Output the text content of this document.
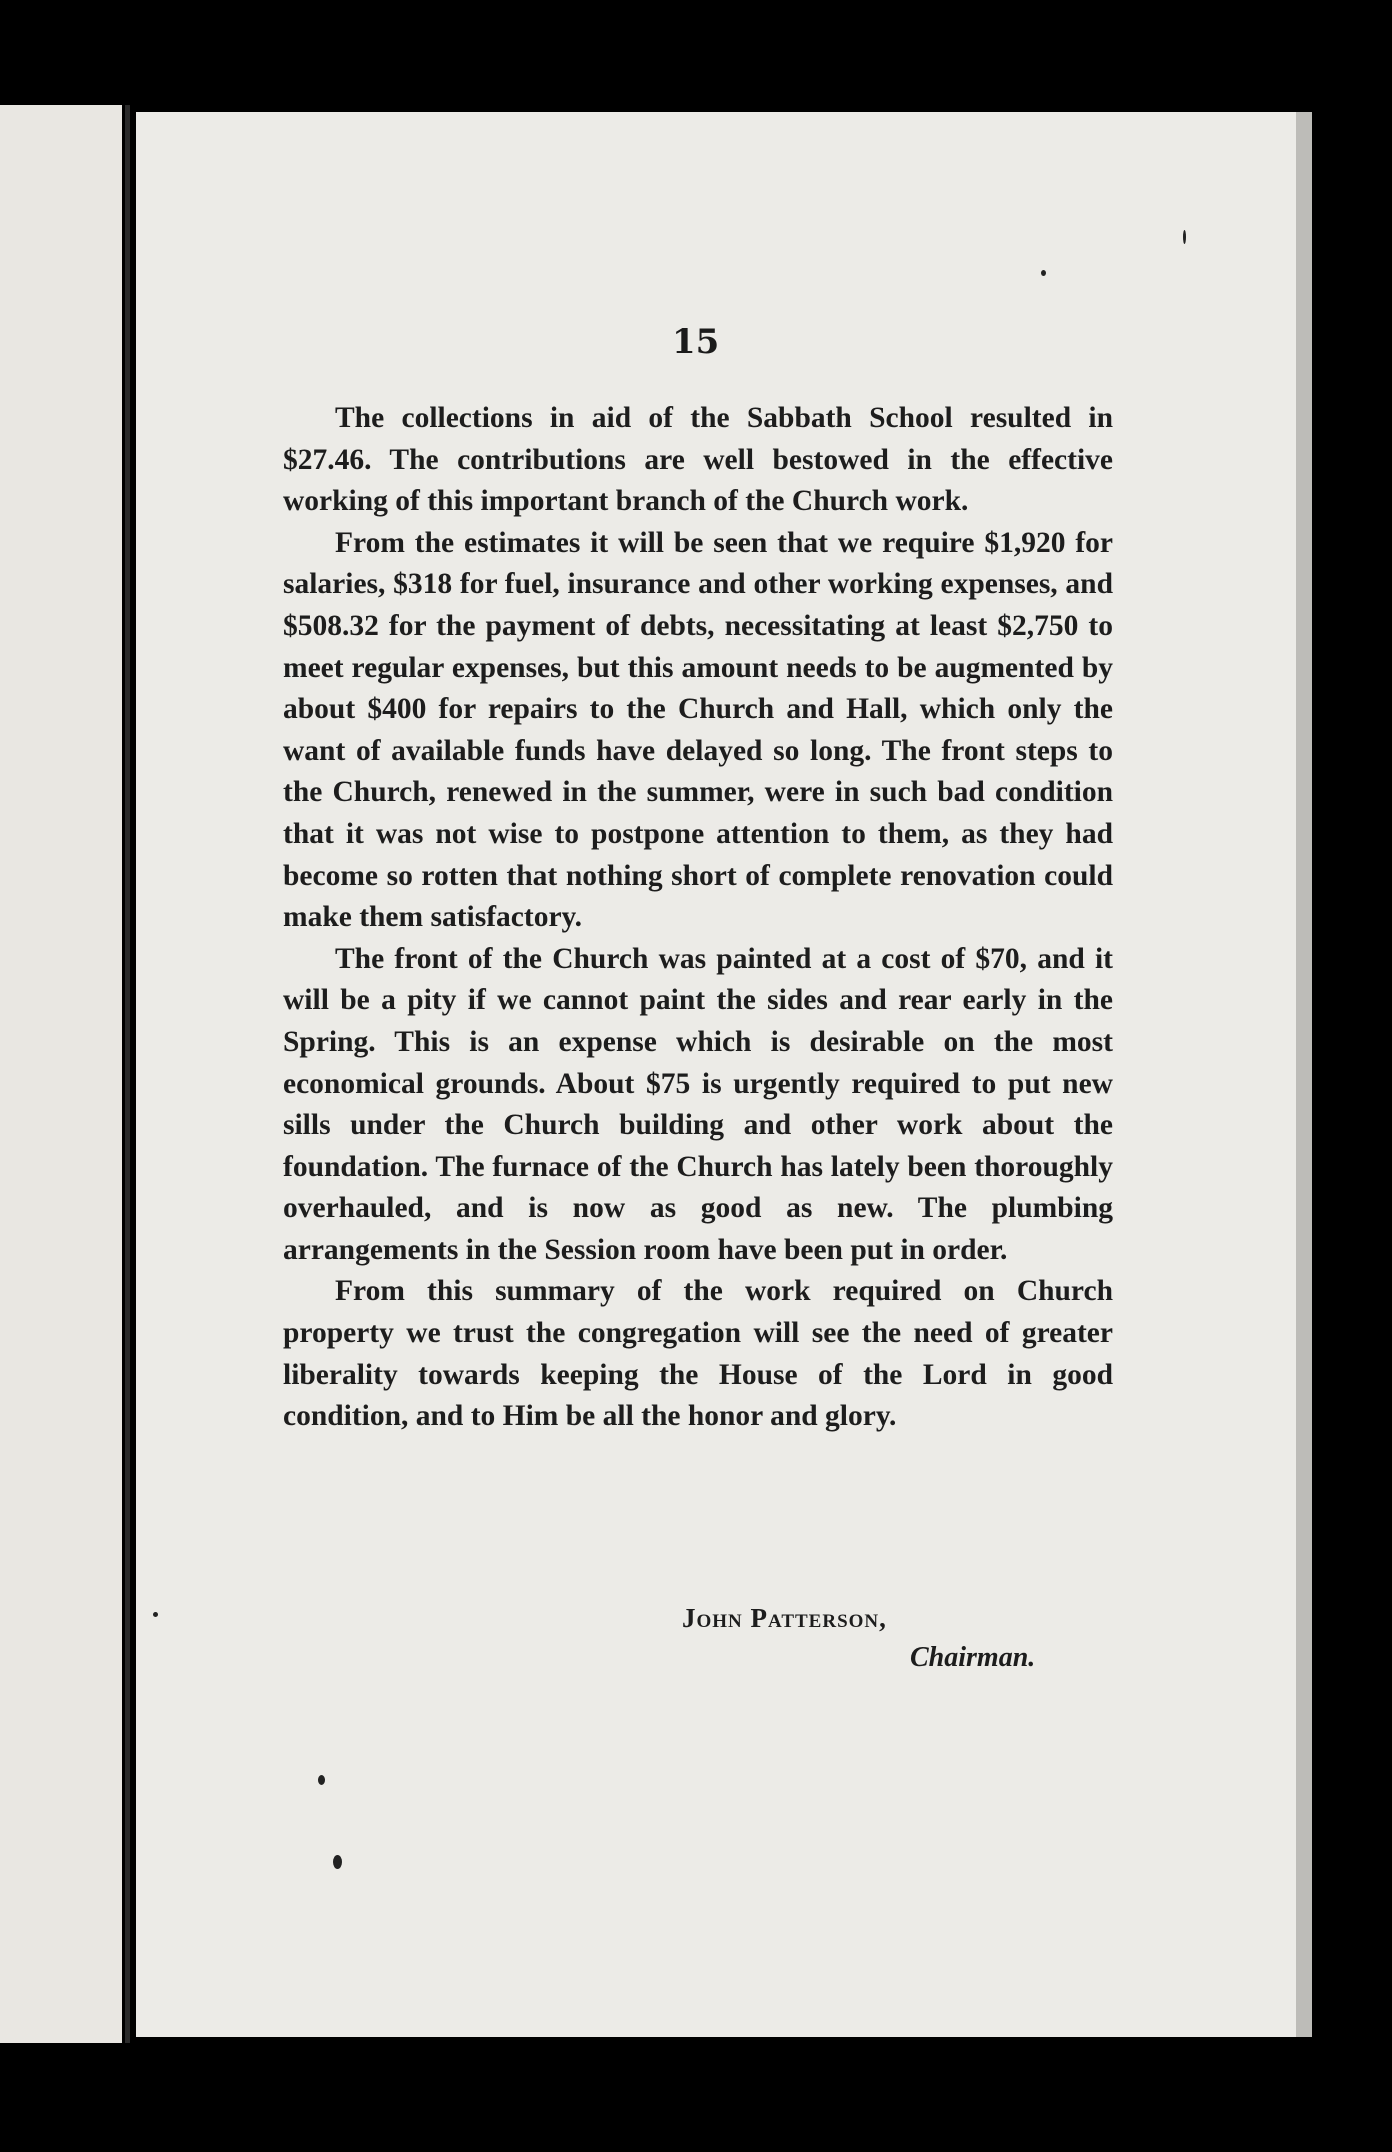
15

The collections in aid of the Sabbath School resulted in $27.46. The contributions are well bestowed in the effective working of this important branch of the Church work.

From the estimates it will be seen that we require $1,920 for salaries, $318 for fuel, insurance and other working expenses, and $508.32 for the payment of debts, necessitating at least $2,750 to meet regular expenses, but this amount needs to be augmented by about $400 for repairs to the Church and Hall, which only the want of available funds have delayed so long. The front steps to the Church, renewed in the summer, were in such bad condition that it was not wise to postpone attention to them, as they had become so rotten that nothing short of complete renovation could make them satisfactory.

The front of the Church was painted at a cost of $70, and it will be a pity if we cannot paint the sides and rear early in the Spring. This is an expense which is desirable on the most economical grounds. About $75 is urgently required to put new sills under the Church building and other work about the foundation. The furnace of the Church has lately been thoroughly overhauled, and is now as good as new. The plumbing arrangements in the Session room have been put in order.

From this summary of the work required on Church property we trust the congregation will see the need of greater liberality towards keeping the House of the Lord in good condition, and to Him be all the honor and glory.

John Patterson,
Chairman.
